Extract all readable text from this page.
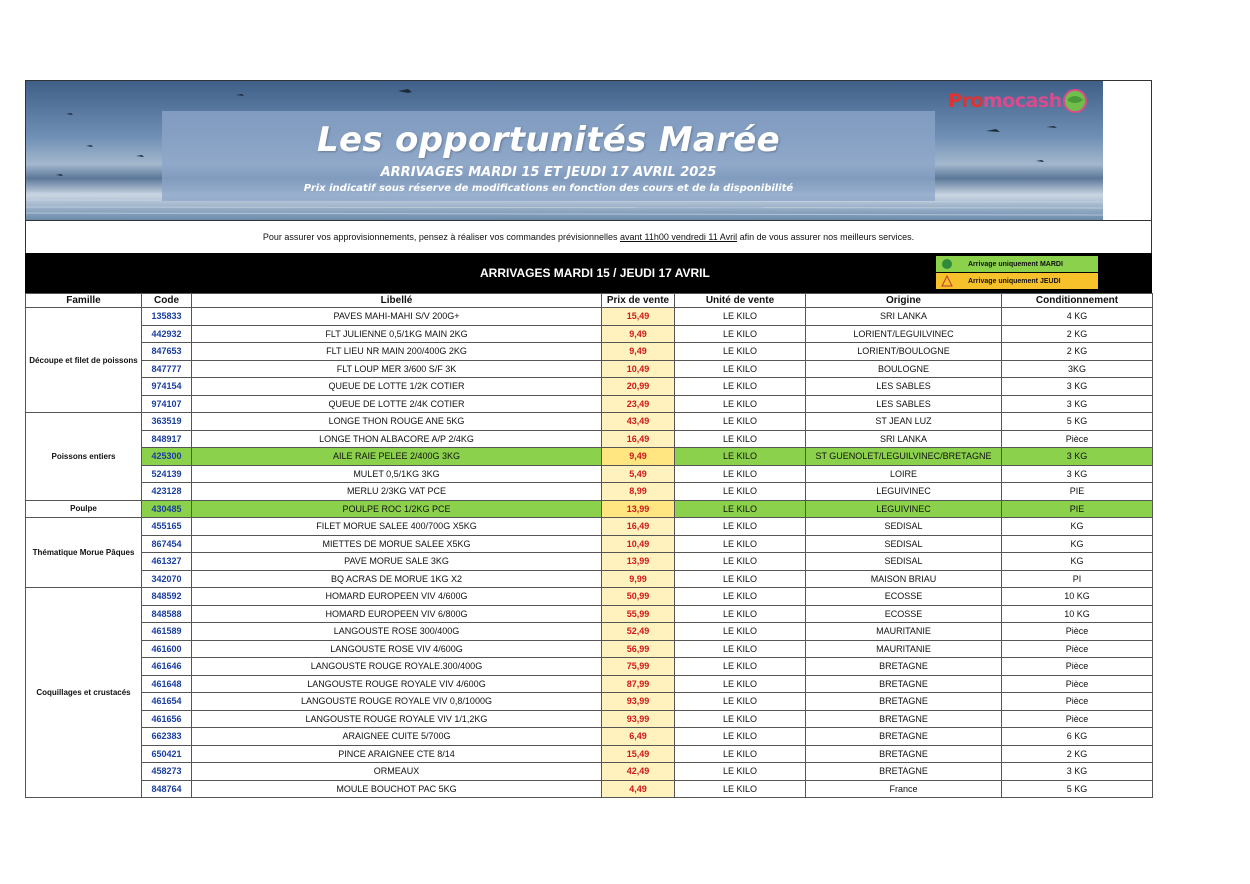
Les opportunités Marée
ARRIVAGES MARDI 15 ET JEUDI 17 AVRIL 2025
Prix indicatif sous réserve de modifications en fonction des cours et de la disponibilité
Promocash
Pour assurer vos approvisionnements, pensez à réaliser vos commandes prévisionnelles avant 11h00 vendredi 11 Avril afin de vous assurer nos meilleurs services.
ARRIVAGES MARDI 15 / JEUDI 17 AVRIL
Arrivage uniquement MARDI
Arrivage uniquement JEUDI
Famille	Code	Libellé	Prix de vente	Unité de vente	Origine	Conditionnement
Découpe et filet de poissons	135833	PAVES MAHI-MAHI S/V 200G+	15,49	LE KILO	SRI LANKA	4 KG
	442932	FLT JULIENNE 0,5/1KG MAIN 2KG	9,49	LE KILO	LORIENT/LEGUILVINEC	2 KG
	847653	FLT LIEU NR MAIN 200/400G 2KG	9,49	LE KILO	LORIENT/BOULOGNE	2 KG
	847777	FLT LOUP MER 3/600 S/F 3K	10,49	LE KILO	BOULOGNE	3KG
	974154	QUEUE DE LOTTE 1/2K COTIER	20,99	LE KILO	LES SABLES	3 KG
	974107	QUEUE DE LOTTE 2/4K COTIER	23,49	LE KILO	LES SABLES	3 KG
Poissons entiers	363519	LONGE THON ROUGE ANE 5KG	43,49	LE KILO	ST JEAN LUZ	5 KG
	848917	LONGE THON ALBACORE A/P 2/4KG	16,49	LE KILO	SRI LANKA	Pièce
	425300	AILE RAIE PELEE 2/400G 3KG	9,49	LE KILO	ST GUENOLET/LEGUILVINEC/BRETAGNE	3 KG
	524139	MULET 0,5/1KG 3KG	5,49	LE KILO	LOIRE	3 KG
	423128	MERLU 2/3KG VAT PCE	8,99	LE KILO	LEGUIVINEC	PIE
Poulpe	430485	POULPE ROC 1/2KG PCE	13,99	LE KILO	LEGUIVINEC	PIE
Thématique Morue Pâques	455165	FILET MORUE SALEE 400/700G X5KG	16,49	LE KILO	SEDISAL	KG
	867454	MIETTES DE MORUE SALEE X5KG	10,49	LE KILO	SEDISAL	KG
	461327	PAVE MORUE SALE 3KG	13,99	LE KILO	SEDISAL	KG
	342070	BQ ACRAS DE MORUE 1KG X2	9,99	LE KILO	MAISON BRIAU	PI
Coquillages et crustacés	848592	HOMARD EUROPEEN VIV 4/600G	50,99	LE KILO	ECOSSE	10 KG
	848588	HOMARD EUROPEEN VIV 6/800G	55,99	LE KILO	ECOSSE	10 KG
	461589	LANGOUSTE ROSE 300/400G	52,49	LE KILO	MAURITANIE	Pièce
	461600	LANGOUSTE ROSE VIV 4/600G	56,99	LE KILO	MAURITANIE	Pièce
	461646	LANGOUSTE ROUGE ROYALE.300/400G	75,99	LE KILO	BRETAGNE	Pièce
	461648	LANGOUSTE ROUGE ROYALE VIV 4/600G	87,99	LE KILO	BRETAGNE	Pièce
	461654	LANGOUSTE ROUGE ROYALE VIV 0,8/1000G	93,99	LE KILO	BRETAGNE	Pièce
	461656	LANGOUSTE ROUGE ROYALE VIV 1/1,2KG	93,99	LE KILO	BRETAGNE	Pièce
	662383	ARAIGNEE CUITE 5/700G	6,49	LE KILO	BRETAGNE	6 KG
	650421	PINCE ARAIGNEE CTE 8/14	15,49	LE KILO	BRETAGNE	2 KG
	458273	ORMEAUX	42,49	LE KILO	BRETAGNE	3 KG
	848764	MOULE BOUCHOT PAC 5KG	4,49	LE KILO	France	5 KG
